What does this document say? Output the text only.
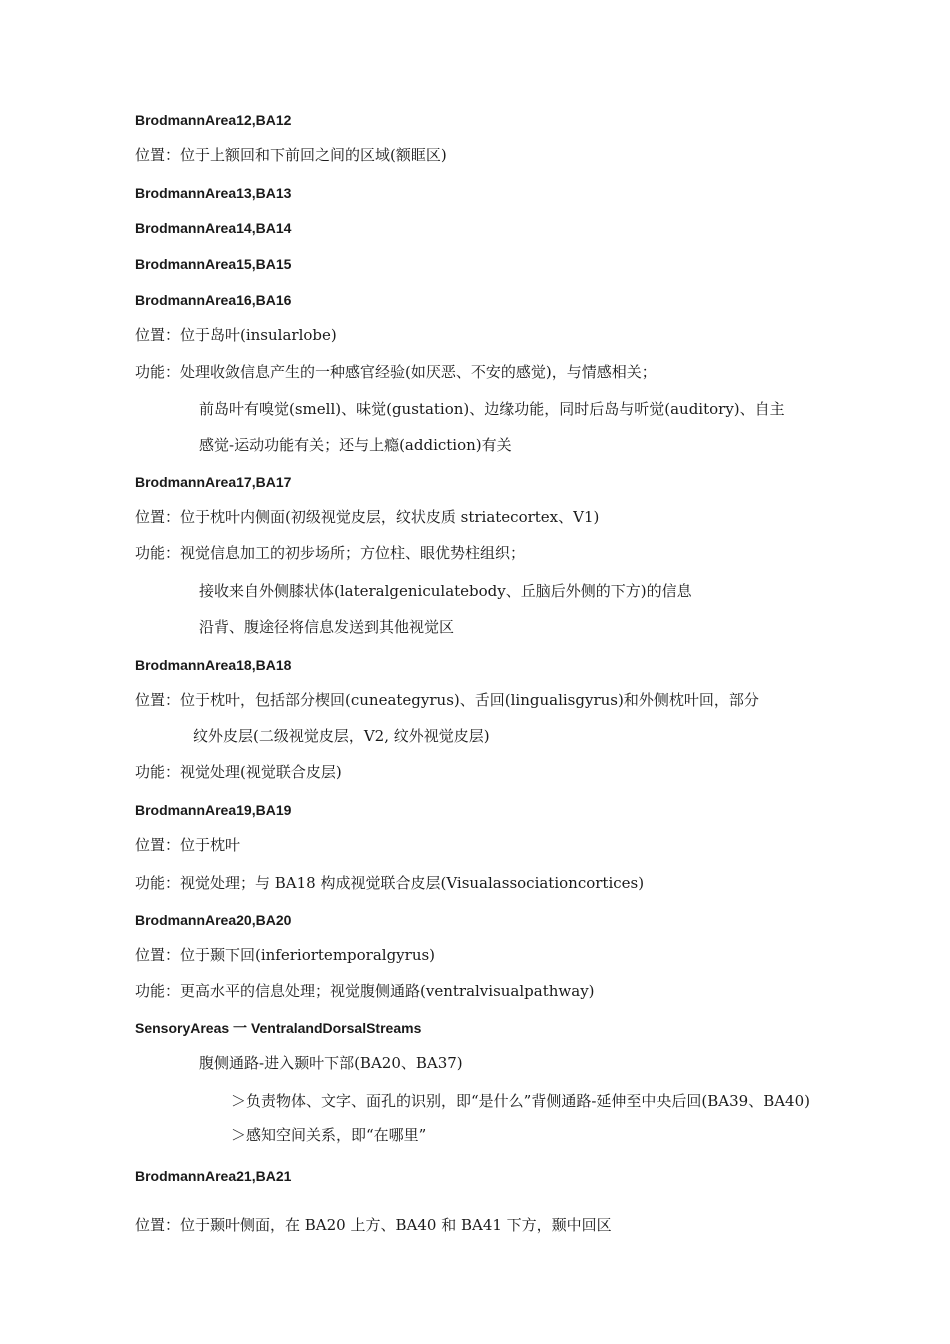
BrodmannArea12,BA12
位置：位于上额回和下前回之间的区域(额眶区)
BrodmannArea13,BA13
BrodmannArea14,BA14
BrodmannArea15,BA15
BrodmannArea16,BA16
位置：位于岛叶(insularlobe)
功能：处理收敛信息产生的一种感官经验(如厌恶、不安的感觉)，与情感相关；
前岛叶有嗅觉(smell)、味觉(gustation)、边缘功能，同时后岛与听觉(auditory)、自主
感觉-运动功能有关；还与上瘾(addiction)有关
BrodmannArea17,BA17
位置：位于枕叶内侧面(初级视觉皮层，纹状皮质 striatecortex、V1)
功能：视觉信息加工的初步场所；方位柱、眼优势柱组织；
接收来自外侧膝状体(lateralgeniculatebody、丘脑后外侧的下方)的信息
沿背、腹途径将信息发送到其他视觉区
BrodmannArea18,BA18
位置：位于枕叶，包括部分楔回(cuneategyrus)、舌回(lingualisgyrus)和外侧枕叶回，部分
纹外皮层(二级视觉皮层，V2, 纹外视觉皮层)
功能：视觉处理(视觉联合皮层)
BrodmannArea19,BA19
位置：位于枕叶
功能：视觉处理；与 BA18 构成视觉联合皮层(Visualassociationcortices)
BrodmannArea20,BA20
位置：位于颞下回(inferiortemporalgyrus)
功能：更高水平的信息处理；视觉腹侧通路(ventralvisualpathway)
SensoryAreas 一 VentralandDorsalStreams
腹侧通路-进入颞叶下部(BA20、BA37)
＞负责物体、文字、面孔的识别，即“是什么”背侧通路-延伸至中央后回(BA39、BA40)
＞感知空间关系，即“在哪里”
BrodmannArea21,BA21
位置：位于颞叶侧面，在 BA20 上方、BA40 和 BA41 下方，颞中回区
